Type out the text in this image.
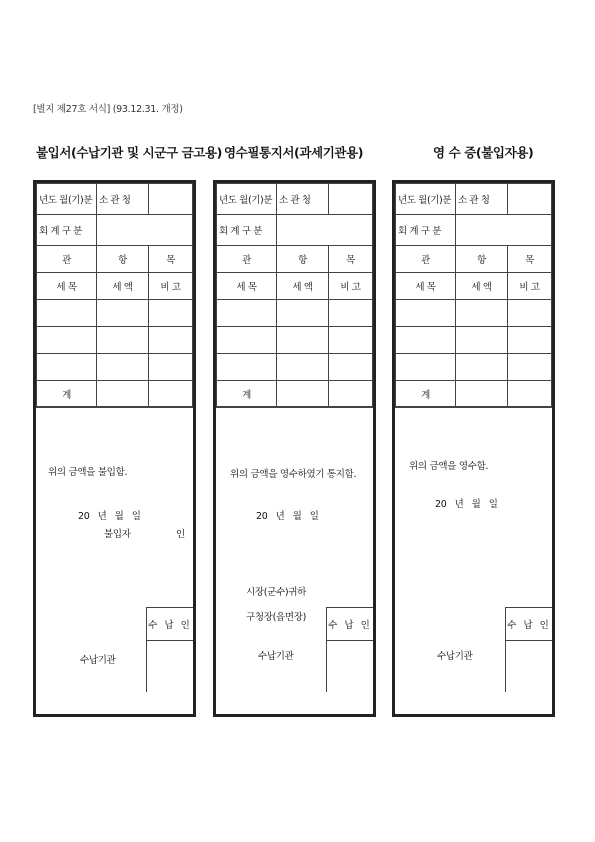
[별지 제27호 서식] (93.12.31. 개정)
불입서(수납기관 및 시군구 금고용) 영수필통지서(과세기관용)	영 수 증(불입자용)
년도 월(기)분	소 관 청	
회 계 구 분		
관	항	목
세 목	세 액	비 고

계		
위의 금액을 불입함.
20   년   월   일
불입자	인
수납기관
수 납 인
년도 월(기)분	소 관 청	
회 계 구 분		
관	항	목
세 목	세 액	비 고

계		
위의 금액을 영수하였기 통지함.
20   년   월   일
시장(군수)귀하
구청장(읍면장)
수납기관
수 납 인
년도 월(기)분	소 관 청	
회 계 구 분		
관	항	목
세 목	세 액	비 고

계		
위의 금액을 영수함.
20   년   월   일
수납기관
수 납 인
